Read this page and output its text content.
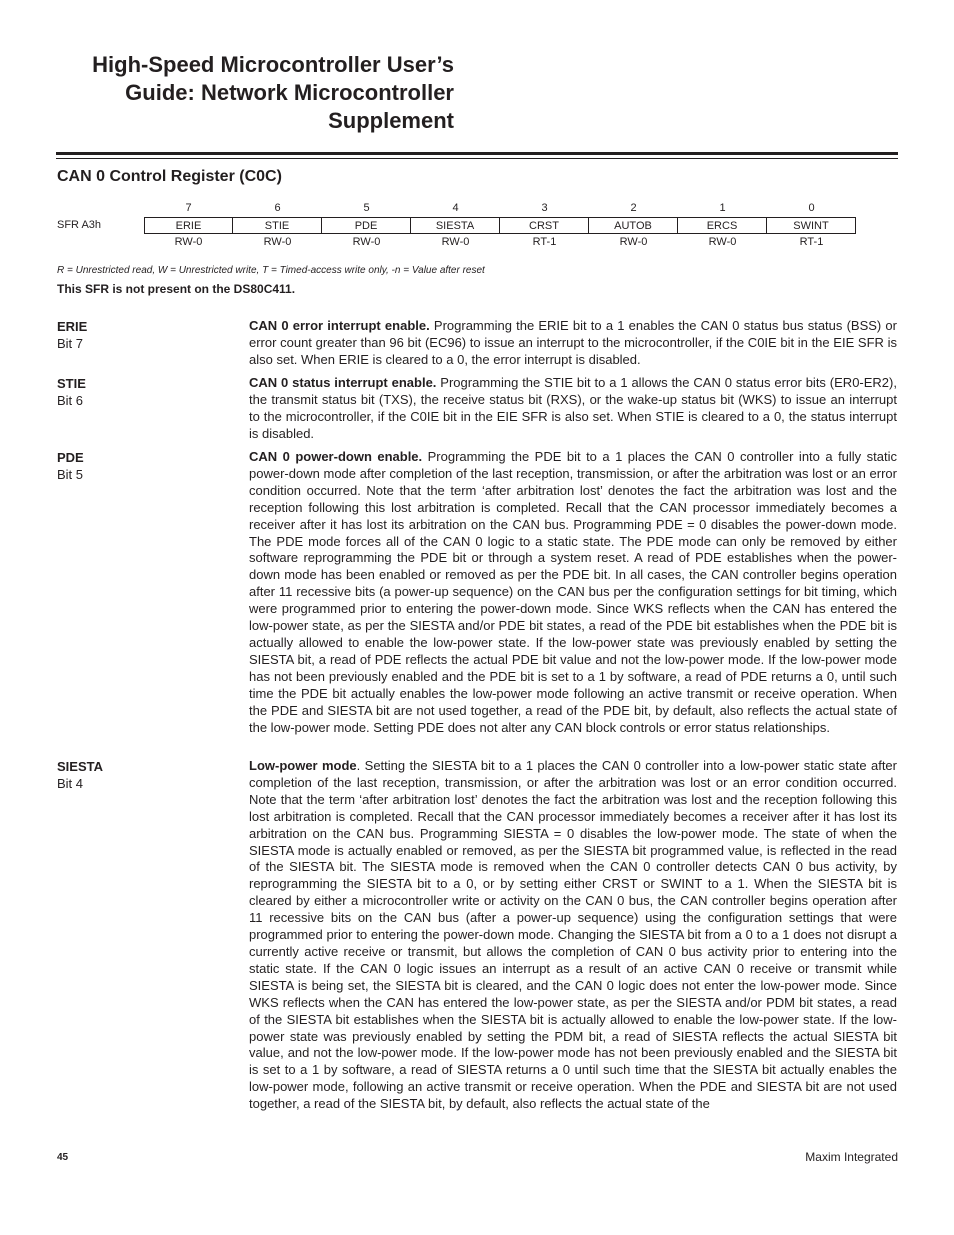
High-Speed Microcontroller User’s
Guide: Network Microcontroller
Supplement
CAN 0 Control Register (C0C)
SFR A3h
7	6	5	4	3	2	1	0
ERIE	STIE	PDE	SIESTA	CRST	AUTOB	ERCS	SWINT
RW-0	RW-0	RW-0	RW-0	RT-1	RW-0	RW-0	RT-1
R = Unrestricted read, W = Unrestricted write, T = Timed-access write only, -n = Value after reset
This SFR is not present on the DS80C411.
ERIE
Bit 7

CAN 0 error interrupt enable. Programming the ERIE bit to a 1 enables the CAN 0 status bus status (BSS) or error count greater than 96 bit (EC96) to issue an interrupt to the microcontroller, if the C0IE bit in the EIE SFR is also set. When ERIE is cleared to a 0, the error interrupt is disabled.

STIE
Bit 6

CAN 0 status interrupt enable. Programming the STIE bit to a 1 allows the CAN 0 status error bits (ER0-ER2), the transmit status bit (TXS), the receive status bit (RXS), or the wake-up status bit (WKS) to issue an interrupt to the microcontroller, if the C0IE bit in the EIE SFR is also set. When STIE is cleared to a 0, the status interrupt is disabled.

PDE
Bit 5

CAN 0 power-down enable. Programming the PDE bit to a 1 places the CAN 0 controller into a fully static power-down mode after completion of the last reception, transmission, or after the arbitration was lost or an error condition occurred. Note that the term ‘after arbitration lost’ denotes the fact the arbitration was lost and the reception following this lost arbitration is completed. Recall that the CAN processor immediately becomes a receiver after it has lost its arbitration on the CAN bus. Programming PDE = 0 disables the power-down mode. The PDE mode forces all of the CAN 0 logic to a static state. The PDE mode can only be removed by either software reprogramming the PDE bit or through a system reset. A read of PDE establishes when the power-down mode has been enabled or removed as per the PDE bit. In all cases, the CAN controller begins operation after 11 recessive bits (a power-up sequence) on the CAN bus per the configuration settings for bit timing, which were programmed prior to entering the power-down mode. Since WKS reflects when the CAN has entered the low-power state, as per the SIESTA and/or PDE bit states, a read of the PDE bit establishes when the PDE bit is actually allowed to enable the low-power state. If the low-power state was previously enabled by setting the SIESTA bit, a read of PDE reflects the actual PDE bit value and not the low-power mode. If the low-power mode has not been previously enabled and the PDE bit is set to a 1 by software, a read of PDE returns a 0, until such time the PDE bit actually enables the low-power mode following an active transmit or receive operation. When the PDE and SIESTA bit are not used together, a read of the PDE bit, by default, also reflects the actual state of the low-power mode. Setting PDE does not alter any CAN block controls or error status relationships.

SIESTA
Bit 4

Low-power mode. Setting the SIESTA bit to a 1 places the CAN 0 controller into a low-power static state after completion of the last reception, transmission, or after the arbitration was lost or an error condition occurred. Note that the term ‘after arbitration lost’ denotes the fact the arbitration was lost and the reception following this lost arbitration is completed. Recall that the CAN processor immediately becomes a receiver after it has lost its arbitration on the CAN bus. Programming SIESTA = 0 disables the low-power mode. The state of when the SIESTA mode is actually enabled or removed, as per the SIESTA bit programmed value, is reflected in the read of the SIESTA bit. The SIESTA mode is removed when the CAN 0 controller detects CAN 0 bus activity, by reprogramming the SIESTA bit to a 0, or by setting either CRST or SWINT to a 1. When the SIESTA bit is cleared by either a microcontroller write or activity on the CAN 0 bus, the CAN controller begins operation after 11 recessive bits on the CAN bus (after a power-up sequence) using the configuration settings that were programmed prior to entering the power-down mode. Changing the SIESTA bit from a 0 to a 1 does not disrupt a currently active receive or transmit, but allows the completion of CAN 0 bus activity prior to entering into the static state. If the CAN 0 logic issues an interrupt as a result of an active CAN 0 receive or transmit while SIESTA is being set, the SIESTA bit is cleared, and the CAN 0 logic does not enter the low-power mode. Since WKS reflects when the CAN has entered the low-power state, as per the SIESTA and/or PDM bit states, a read of the SIESTA bit establishes when the SIESTA bit is actually allowed to enable the low-power state. If the low-power state was previously enabled by setting the PDM bit, a read of SIESTA reflects the actual SIESTA bit value, and not the low-power mode. If the low-power mode has not been previously enabled and the SIESTA bit is set to a 1 by software, a read of SIESTA returns a 0 until such time that the SIESTA bit actually enables the low-power mode, following an active transmit or receive operation. When the PDE and SIESTA bit are not used together, a read of the SIESTA bit, by default, also reflects the actual state of the

45	Maxim Integrated
